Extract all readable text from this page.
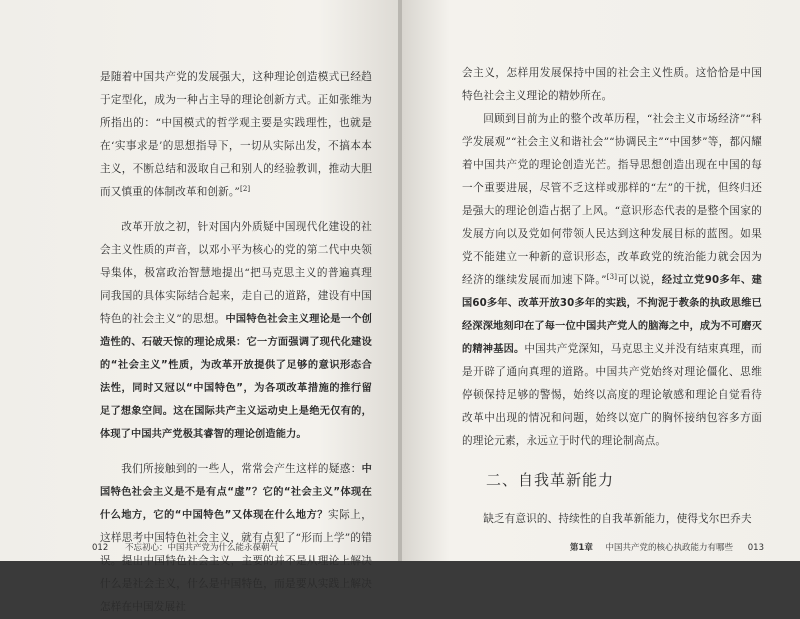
是随着中国共产党的发展强大，这种理论创造模式已经趋于定型化，成为一种占主导的理论创新方式。正如张维为所指出的：“中国模式的哲学观主要是实践理性，也就是在‘实事求是’的思想指导下，一切从实际出发，不搞本本主义，不断总结和汲取自己和别人的经验教训，推动大胆而又慎重的体制改革和创新。”[2]

改革开放之初，针对国内外质疑中国现代化建设的社会主义性质的声音，以邓小平为核心的党的第二代中央领导集体，极富政治智慧地提出“把马克思主义的普遍真理同我国的具体实际结合起来，走自己的道路，建设有中国特色的社会主义”的思想。中国特色社会主义理论是一个创造性的、石破天惊的理论成果：它一方面强调了现代化建设的“社会主义”性质，为改革开放提供了足够的意识形态合法性，同时又冠以“中国特色”，为各项改革措施的推行留足了想象空间。这在国际共产主义运动史上是绝无仅有的，体现了中国共产党极其睿智的理论创造能力。

我们所接触到的一些人，常常会产生这样的疑惑：中国特色社会主义是不是有点“虚”？它的“社会主义”体现在什么地方，它的“中国特色”又体现在什么地方？实际上，这样思考中国特色社会主义，就有点犯了“形而上学”的错误。提出中国特色社会主义，主要的并不是从理论上解决什么是社会主义，什么是中国特色，而是要从实践上解决怎样在中国发展社

012 不忘初心：中国共产党为什么能永葆朝气

会主义，怎样用发展保持中国的社会主义性质。这恰恰是中国特色社会主义理论的精妙所在。

回顾到目前为止的整个改革历程，“社会主义市场经济”“科学发展观”“社会主义和谐社会”“协调民主”“中国梦”等，都闪耀着中国共产党的理论创造光芒。指导思想创造出现在中国的每一个重要进展，尽管不乏这样或那样的“左”的干扰，但终归还是强大的理论创造占据了上风。“意识形态代表的是整个国家的发展方向以及党如何带领人民达到这种发展目标的蓝图。如果党不能建立一种新的意识形态，改革政党的统治能力就会因为经济的继续发展而加速下降。”[3]可以说，经过立党90多年、建国60多年、改革开放30多年的实践，不拘泥于教条的执政思维已经深深地刻印在了每一位中国共产党人的脑海之中，成为不可磨灭的精神基因。中国共产党深知，马克思主义并没有结束真理，而是开辟了通向真理的道路。中国共产党始终对理论僵化、思维停顿保持足够的警惕，始终以高度的理论敏感和理论自觉看待改革中出现的情况和问题，始终以宽广的胸怀接纳包容多方面的理论元素，永远立于时代的理论制高点。

二、自我革新能力

缺乏有意识的、持续性的自我革新能力，使得戈尔巴乔夫

第1章 中国共产党的核心执政能力有哪些 013
